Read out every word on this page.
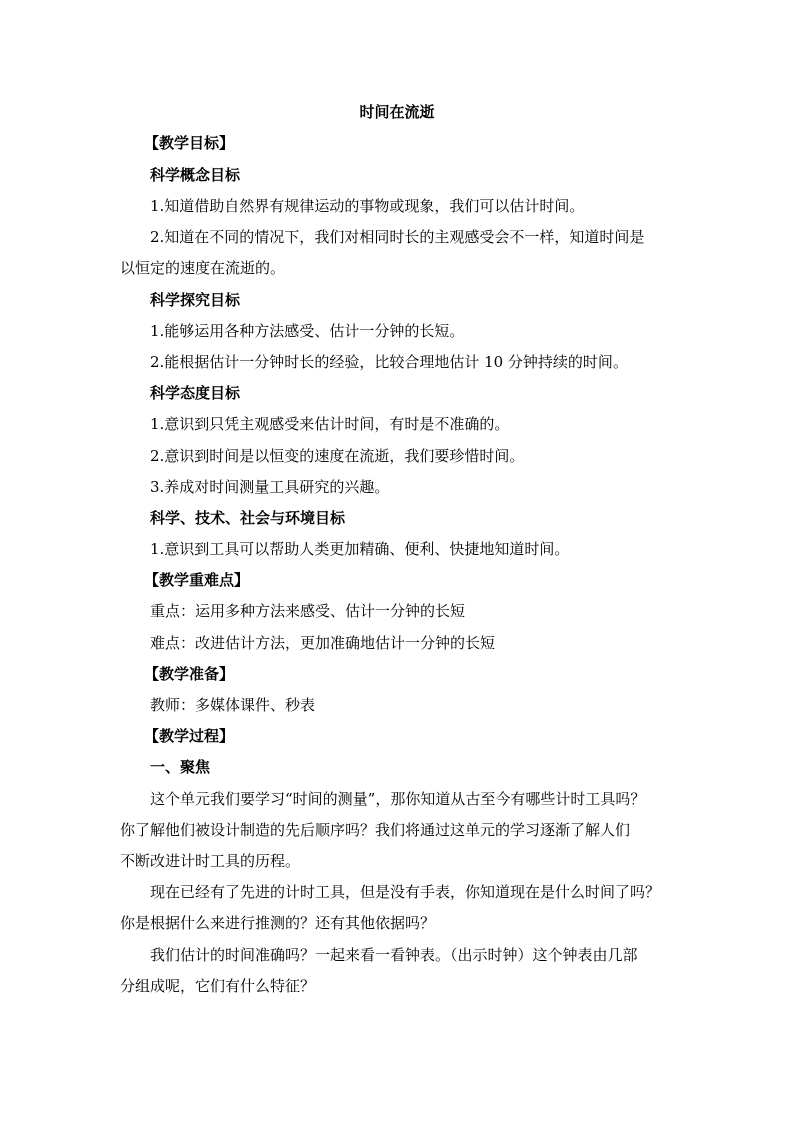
时间在流逝
【教学目标】
科学概念目标
1.知道借助自然界有规律运动的事物或现象，我们可以估计时间。
2.知道在不同的情况下，我们对相同时长的主观感受会不一样，知道时间是
以恒定的速度在流逝的。
科学探究目标
1.能够运用各种方法感受、估计一分钟的长短。
2.能根据估计一分钟时长的经验，比较合理地估计 10 分钟持续的时间。
科学态度目标
1.意识到只凭主观感受来估计时间，有时是不准确的。
2.意识到时间是以恒变的速度在流逝，我们要珍惜时间。
3.养成对时间测量工具研究的兴趣。
科学、技术、社会与环境目标
1.意识到工具可以帮助人类更加精确、便利、快捷地知道时间。
【教学重难点】
重点：运用多种方法来感受、估计一分钟的长短
难点：改进估计方法，更加准确地估计一分钟的长短
【教学准备】
教师：多媒体课件、秒表
【教学过程】
一、聚焦
这个单元我们要学习“时间的测量”，那你知道从古至今有哪些计时工具吗？
你了解他们被设计制造的先后顺序吗？我们将通过这单元的学习逐渐了解人们
不断改进计时工具的历程。
现在已经有了先进的计时工具，但是没有手表，你知道现在是什么时间了吗？
你是根据什么来进行推测的？还有其他依据吗？
我们估计的时间准确吗？一起来看一看钟表。（出示时钟）这个钟表由几部
分组成呢，它们有什么特征？
